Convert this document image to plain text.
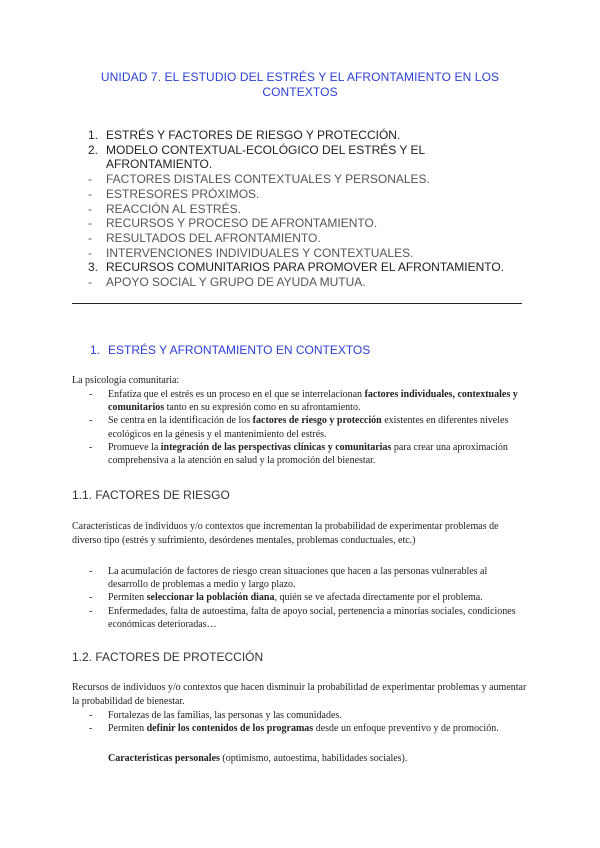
UNIDAD 7. EL ESTUDIO DEL ESTRÉS Y EL AFRONTAMIENTO EN LOS CONTEXTOS
1. ESTRÉS Y FACTORES DE RIESGO Y PROTECCIÓN.
2. MODELO CONTEXTUAL-ECOLÓGICO DEL ESTRÉS Y EL AFRONTAMIENTO.
-	FACTORES DISTALES CONTEXTUALES Y PERSONALES.
-	ESTRESORES PRÓXIMOS.
-	REACCIÓN AL ESTRÉS.
-	RECURSOS Y PROCESO DE AFRONTAMIENTO.
-	RESULTADOS DEL AFRONTAMIENTO.
-	INTERVENCIONES INDIVIDUALES Y CONTEXTUALES.
3. RECURSOS COMUNITARIOS PARA PROMOVER EL AFRONTAMIENTO.
-	APOYO SOCIAL Y GRUPO DE AYUDA MUTUA.
1. ESTRÉS Y AFRONTAMIENTO EN CONTEXTOS
La psicología comunitaria:
-	Enfatiza que el estrés es un proceso en el que se interrelacionan factores individuales, contextuales y comunitarios tanto en su expresión como en su afrontamiento.
-	Se centra en la identificación de los factores de riesgo y protección existentes en diferentes niveles ecológicos en la génesis y el mantenimiento del estrés.
-	Promueve la integración de las perspectivas clínicas y comunitarias para crear una aproximación comprehensiva a la atención en salud y la promoción del bienestar.
1.1. FACTORES DE RIESGO
Características de individuos y/o contextos que incrementan la probabilidad de experimentar problemas de diverso tipo (estrés y sufrimiento, desórdenes mentales, problemas conductuales, etc.)
-	La acumulación de factores de riesgo crean situaciones que hacen a las personas vulnerables al desarrollo de problemas a medio y largo plazo.
-	Permiten seleccionar la población diana, quién se ve afectada directamente por el problema.
-	Enfermedades, falta de autoestima, falta de apoyo social, pertenencia a minorías sociales, condiciones económicas deterioradas…
1.2. FACTORES DE PROTECCIÓN
Recursos de individuos y/o contextos que hacen disminuir la probabilidad de experimentar problemas y aumentar la probabilidad de bienestar.
-	Fortalezas de las familias, las personas y las comunidades.
-	Permiten definir los contenidos de los programas desde un enfoque preventivo y de promoción.
Características personales (optimismo, autoestima, habilidades sociales).
